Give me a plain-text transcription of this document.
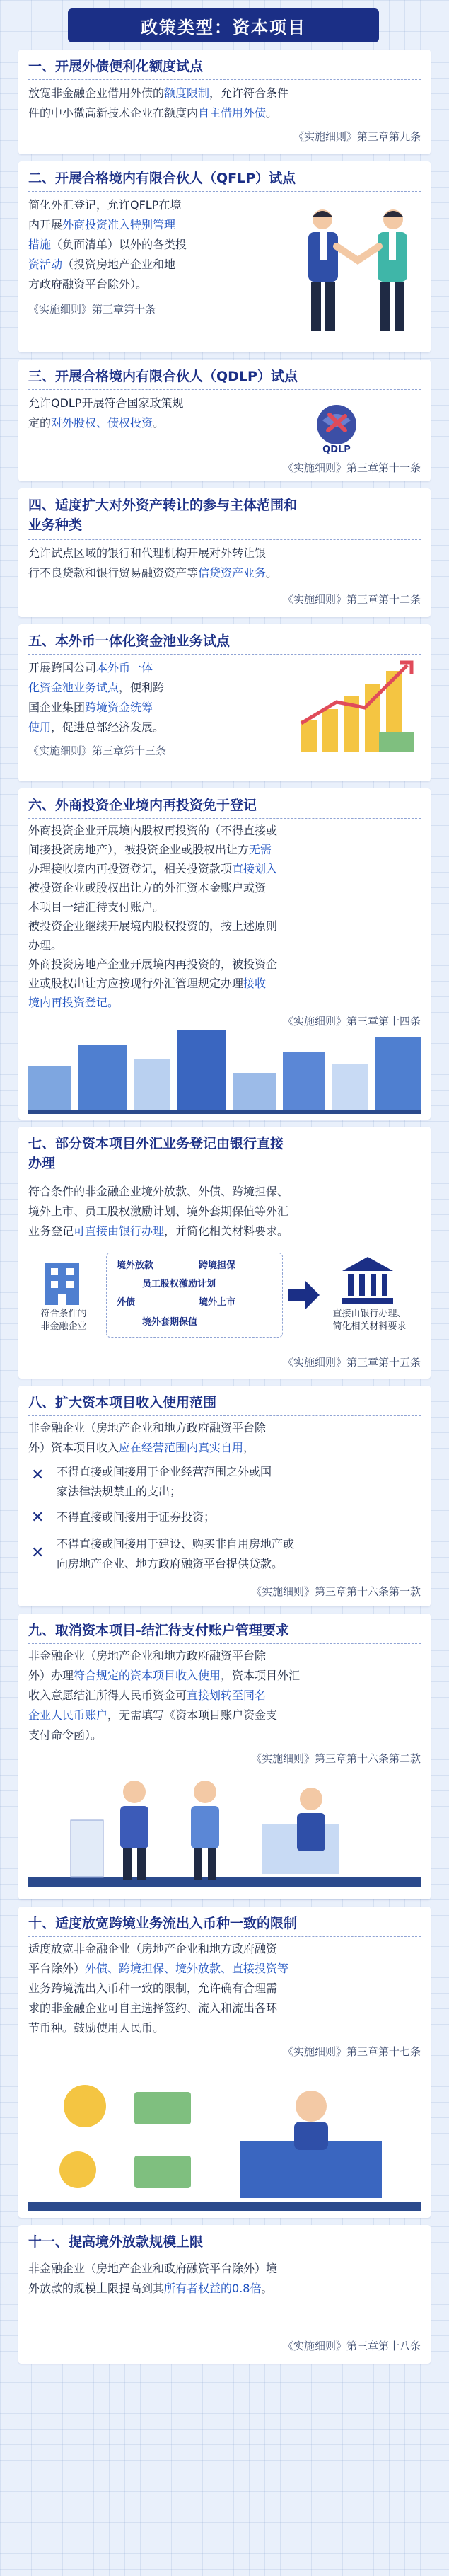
政策类型：资本项目
一、开展外债便利化额度试点
放宽非金融企业借用外债的额度限制，允许符合条件
件的中小微高新技术企业在额度内自主借用外债。
《实施细则》第三章第九条
二、开展合格境内有限合伙人（QFLP）试点
简化外汇登记，允许QFLP在境
内开展外商投资准入特别管理
措施（负面清单）以外的各类投
资活动（投资房地产企业和地
方政府融资平台除外）。
《实施细则》第三章第十条
三、开展合格境内有限合伙人（QDLP）试点
允许QDLP开展符合国家政策规
定的对外股权、债权投资。
QDLP
《实施细则》第三章第十一条
四、适度扩大对外资产转让的参与主体范围和
业务种类
允许试点区域的银行和代理机构开展对外转让银
行不良贷款和银行贸易融资资产等信贷资产业务。
《实施细则》第三章第十二条
五、本外币一体化资金池业务试点
开展跨国公司本外币一体
化资金池业务试点，便利跨
国企业集团跨境资金统筹
使用，促进总部经济发展。
《实施细则》第三章第十三条
六、外商投资企业境内再投资免于登记
外商投资企业开展境内股权再投资的（不得直接或
间接投资房地产），被投资企业或股权出让方无需
办理接收境内再投资登记，相关投资款项直接划入
被投资企业或股权出让方的外汇资本金账户或资
本项目一结汇待支付账户。
被投资企业继续开展境内股权投资的，按上述原则
办理。
外商投资房地产企业开展境内再投资的，被投资企
业或股权出让方应按现行外汇管理规定办理接收
境内再投资登记。
《实施细则》第三章第十四条
七、部分资本项目外汇业务登记由银行直接
办理
符合条件的非金融企业境外放款、外债、跨境担保、
境外上市、员工股权激励计划、境外套期保值等外汇
业务登记可直接由银行办理，并简化相关材料要求。
符合条件的
非金融企业
境外放款	跨境担保
员工股权激励计划
外债	境外上市
境外套期保值
直接由银行办理、
简化相关材料要求
《实施细则》第三章第十五条
八、扩大资本项目收入使用范围
非金融企业（房地产企业和地方政府融资平台除
外）资本项目收入应在经营范围内真实自用，
✕ 不得直接或间接用于企业经营范围之外或国
家法律法规禁止的支出；
✕ 不得直接或间接用于证券投资；
✕
不得直接或间接用于建设、购买非自用房地产或
向房地产企业、地方政府融资平台提供贷款。
《实施细则》第三章第十六条第一款
九、取消资本项目-结汇待支付账户管理要求
非金融企业（房地产企业和地方政府融资平台除
外）办理符合规定的资本项目收入使用，资本项目外汇
收入意愿结汇所得人民币资金可直接划转至同名
企业人民币账户，无需填写《资本项目账户资金支
支付命令函）。
《实施细则》第三章第十六条第二款
十、适度放宽跨境业务流出入币种一致的限制
适度放宽非金融企业（房地产企业和地方政府融资
平台除外）外债、跨境担保、境外放款、直接投资等
业务跨境流出入币种一致的限制，允许确有合理需
求的非金融企业可自主选择签约、流入和流出各环
节币种。鼓励使用人民币。
《实施细则》第三章第十七条
十一、提高境外放款规模上限
非金融企业（房地产企业和政府融资平台除外）境
外放款的规模上限提高到其所有者权益的0.8倍。
《实施细则》第三章第十八条
